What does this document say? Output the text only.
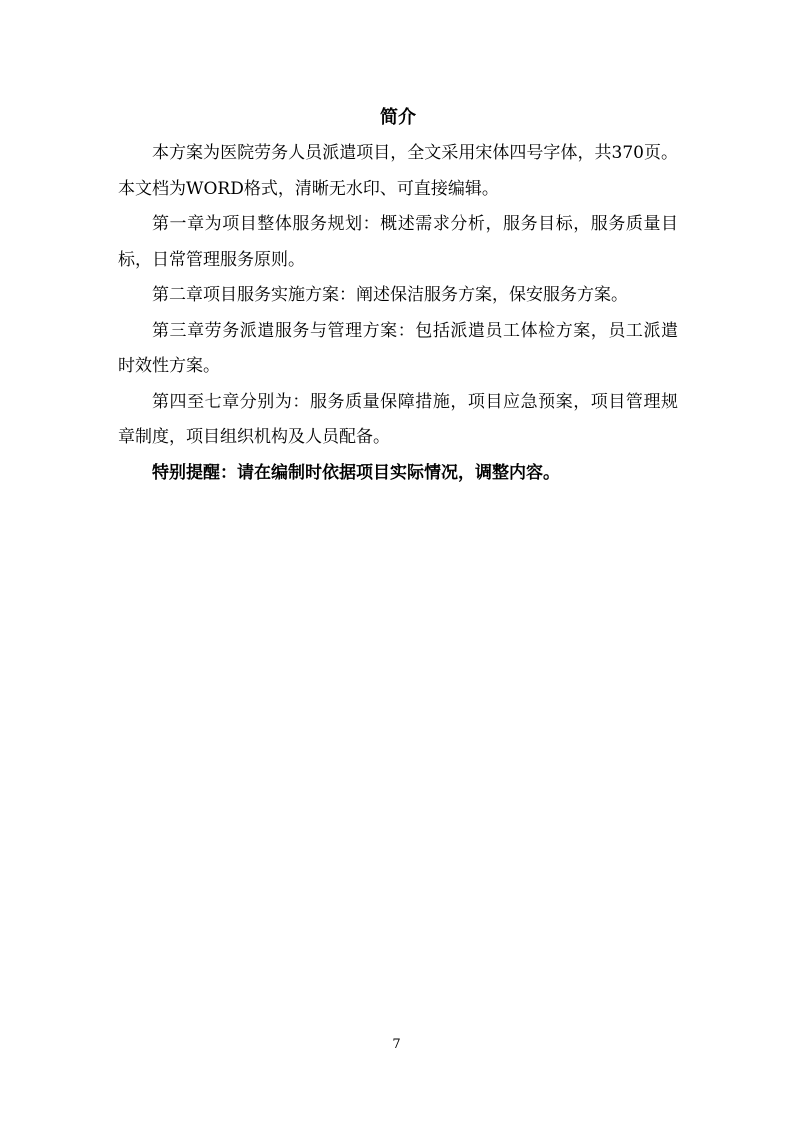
简介

本方案为医院劳务人员派遣项目，全文采用宋体四号字体，共370页。本文档为WORD格式，清晰无水印、可直接编辑。

第一章为项目整体服务规划：概述需求分析，服务目标，服务质量目标，日常管理服务原则。

第二章项目服务实施方案：阐述保洁服务方案，保安服务方案。

第三章劳务派遣服务与管理方案：包括派遣员工体检方案，员工派遣时效性方案。

第四至七章分别为：服务质量保障措施，项目应急预案，项目管理规章制度，项目组织机构及人员配备。

特别提醒：请在编制时依据项目实际情况，调整内容。

7
